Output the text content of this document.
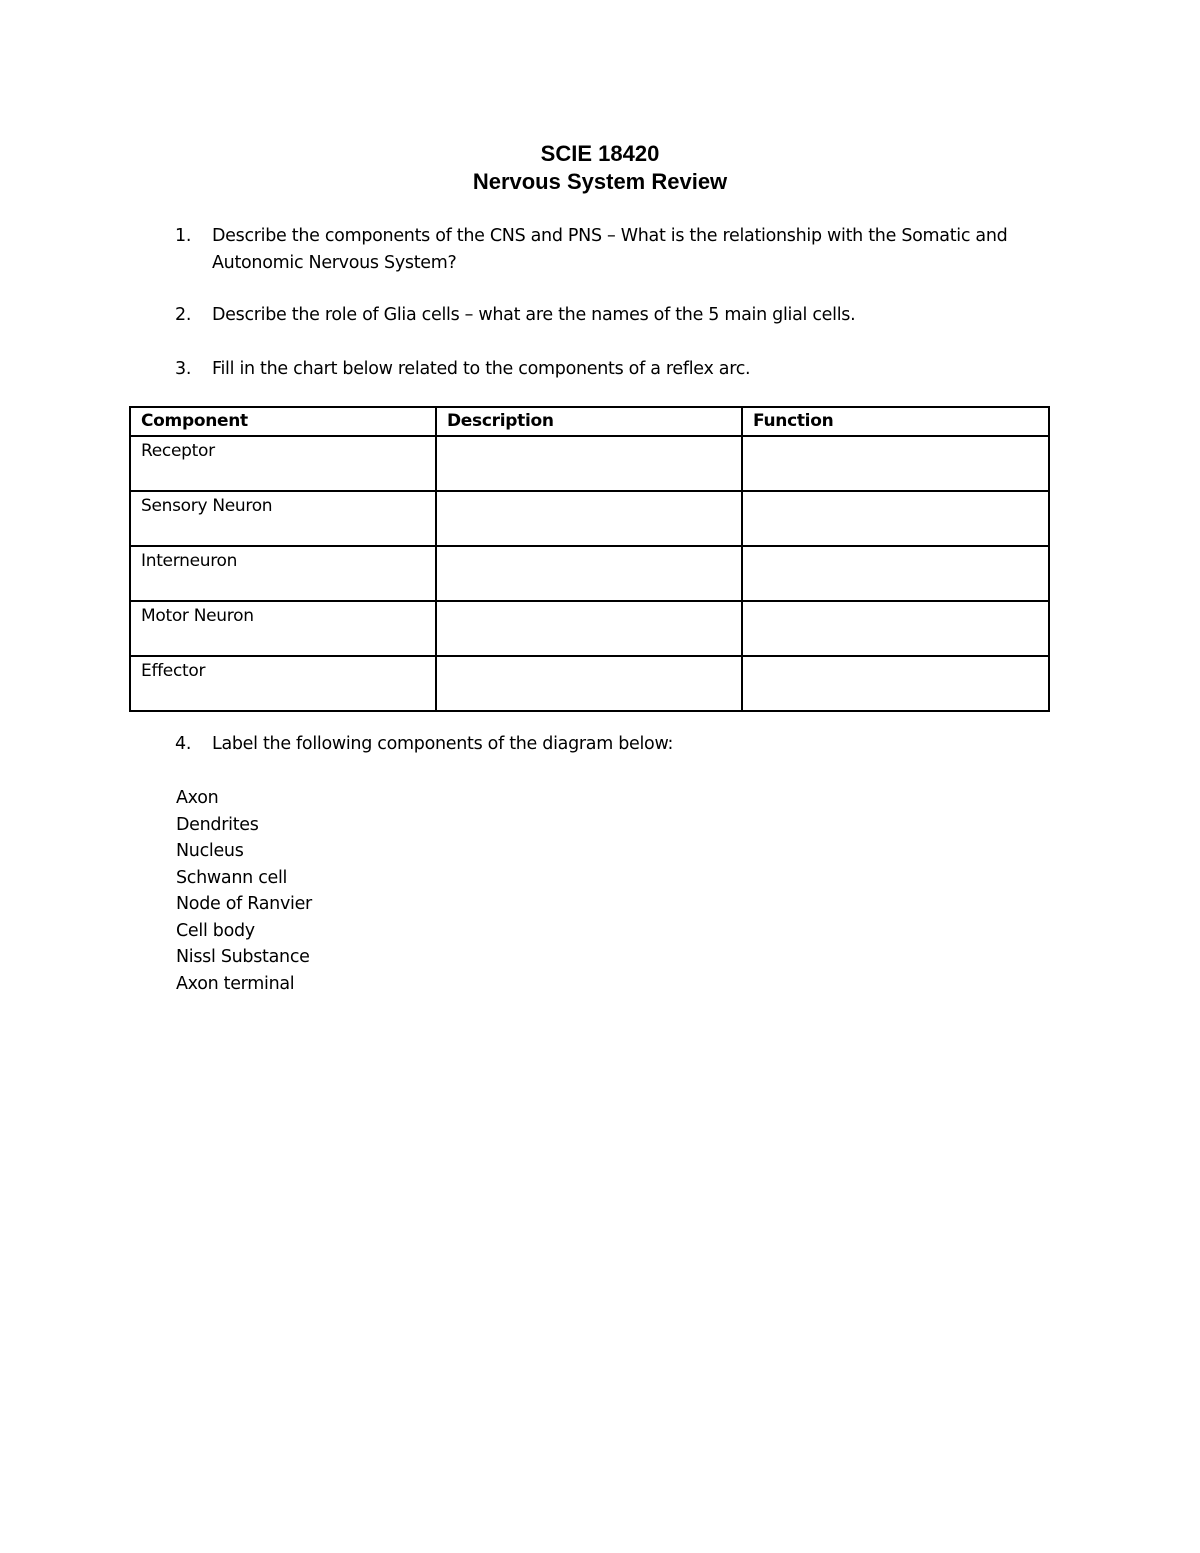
SCIE 18420
Nervous System Review
1. Describe the components of the CNS and PNS – What is the relationship with the Somatic and Autonomic Nervous System?
2. Describe the role of Glia cells – what are the names of the 5 main glial cells.
3. Fill in the chart below related to the components of a reflex arc.
Component	Description	Function
Receptor		
Sensory Neuron		
Interneuron		
Motor Neuron		
Effector		
4. Label the following components of the diagram below:
Axon
Dendrites
Nucleus
Schwann cell
Node of Ranvier
Cell body
Nissl Substance
Axon terminal
